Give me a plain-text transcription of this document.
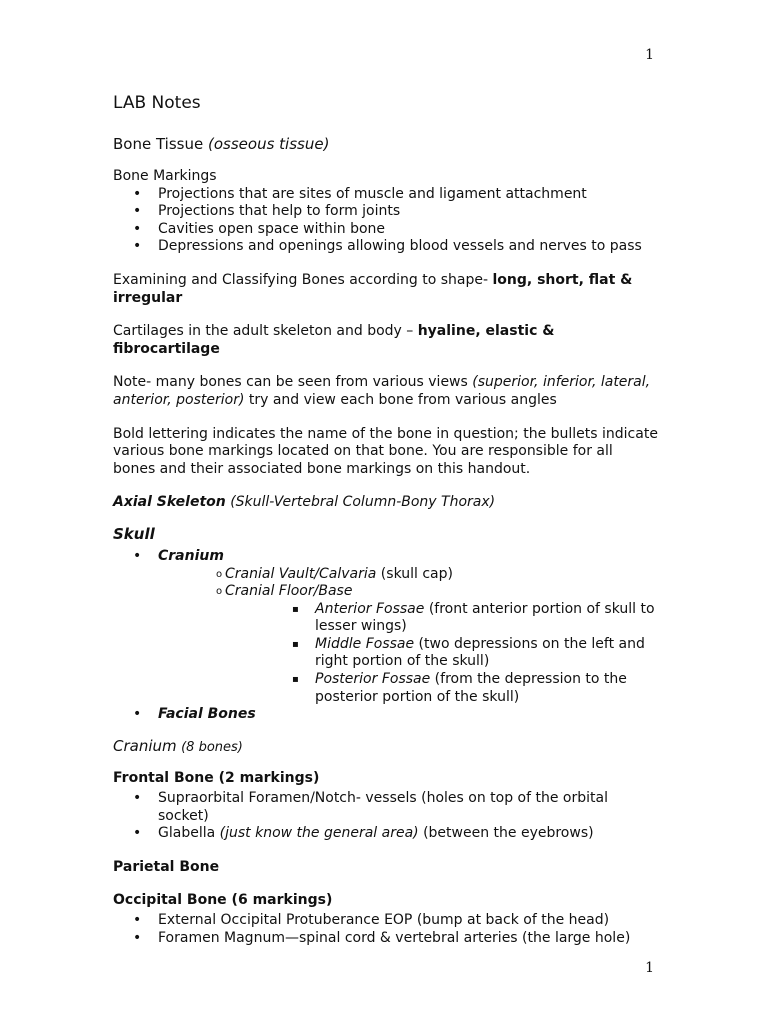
1
LAB Notes
Bone Tissue (osseous tissue)
Bone Markings
• Projections that are sites of muscle and ligament attachment
• Projections that help to form joints
• Cavities open space within bone
• Depressions and openings allowing blood vessels and nerves to pass

Examining and Classifying Bones according to shape- long, short, flat & irregular

Cartilages in the adult skeleton and body – hyaline, elastic & fibrocartilage

Note- many bones can be seen from various views (superior, inferior, lateral, anterior, posterior) try and view each bone from various angles

Bold lettering indicates the name of the bone in question; the bullets indicate various bone markings located on that bone. You are responsible for all bones and their associated bone markings on this handout.

Axial Skeleton (Skull-Vertebral Column-Bony Thorax)

Skull
• Cranium
o Cranial Vault/Calvaria (skull cap)
o Cranial Floor/Base
▪ Anterior Fossae (front anterior portion of skull to lesser wings)
▪ Middle Fossae (two depressions on the left and right portion of the skull)
▪ Posterior Fossae (from the depression to the posterior portion of the skull)
• Facial Bones

Cranium (8 bones)

Frontal Bone (2 markings)
• Supraorbital Foramen/Notch- vessels (holes on top of the orbital socket)
• Glabella (just know the general area) (between the eyebrows)

Parietal Bone

Occipital Bone (6 markings)
• External Occipital Protuberance EOP (bump at back of the head)
• Foramen Magnum—spinal cord & vertebral arteries (the large hole)
1
